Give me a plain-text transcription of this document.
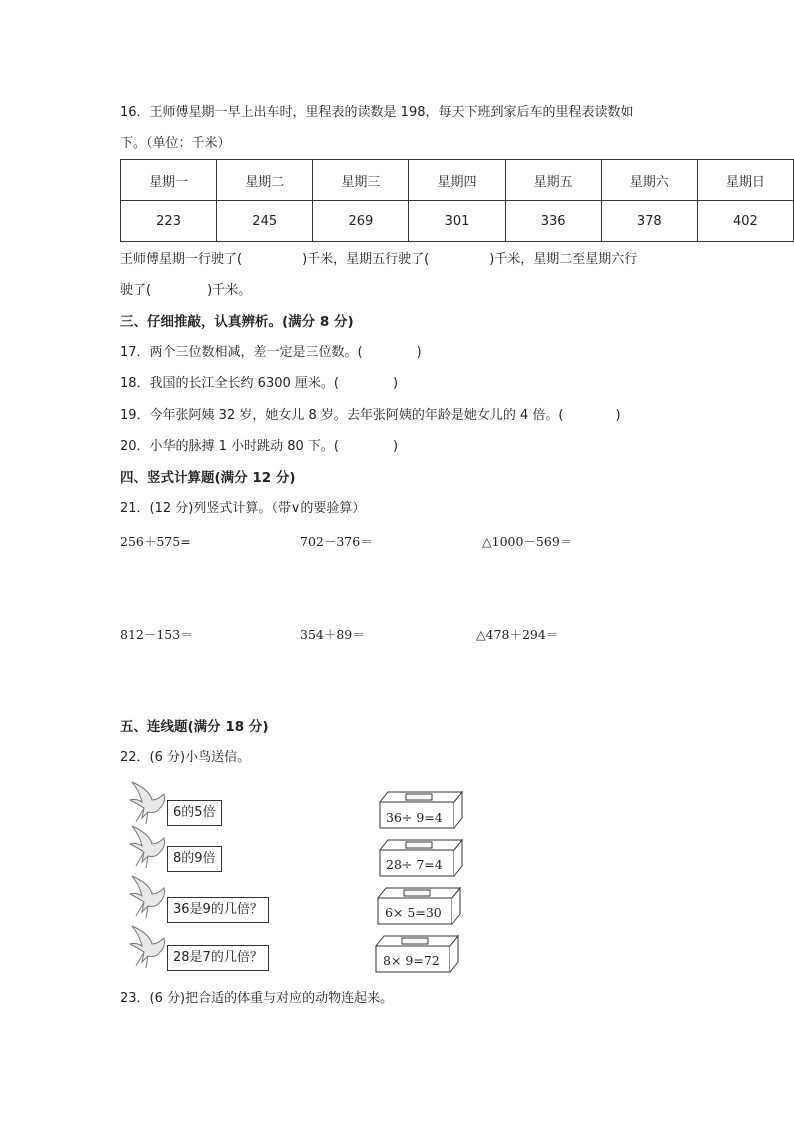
16．王师傅星期一早上出车时，里程表的读数是 198，每天下班到家后车的里程表读数如
下。（单位：千米）
星期一	星期二	星期三	星期四	星期五	星期六	星期日
223	245	269	301	336	378	402
王师傅星期一行驶了(	)千米，星期五行驶了(	)千米，星期二至星期六行
驶了(	)千米。
三、仔细推敲，认真辨析。(满分 8 分)
17．两个三位数相减，差一定是三位数。(	)
18．我国的长江全长约 6300 厘米。(	)
19．今年张阿姨 32 岁，她女儿 8 岁。去年张阿姨的年龄是她女儿的 4 倍。(	)
20．小华的脉搏 1 小时跳动 80 下。(	)
四、竖式计算题(满分 12 分)
21．(12 分)列竖式计算。（带∨的要验算）
256＋575=	702－376＝	△1000－569＝
812－153＝	354＋89＝	△478＋294＝
五、连线题(满分 18 分)
22．(6 分)小鸟送信。
6的5倍
8的9倍
36是9的几倍？
28是7的几倍？
36÷ 9=4
28÷ 7=4
6× 5=30
8× 9=72
23．(6 分)把合适的体重与对应的动物连起来。
